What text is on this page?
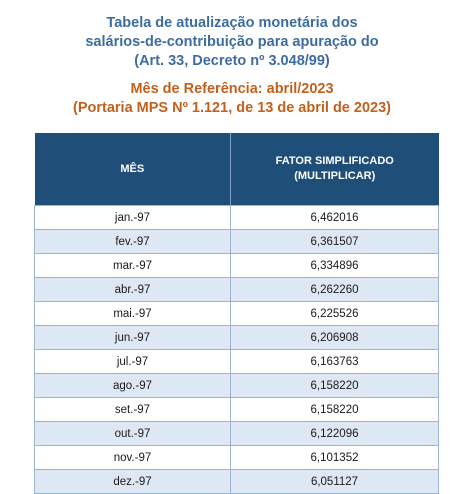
Tabela de atualização monetária dos
salários-de-contribuição para apuração do
(Art. 33, Decreto nº 3.048/99)
Mês de Referência: abril/2023
(Portaria MPS Nº 1.121, de 13 de abril de 2023)
MÊS	FATOR SIMPLIFICADO
(MULTIPLICAR)

jan.-97	6,462016
fev.-97	6,361507
mar.-97	6,334896
abr.-97	6,262260
mai.-97	6,225526
jun.-97	6,206908
jul.-97	6,163763
ago.-97	6,158220
set.-97	6,158220
out.-97	6,122096
nov.-97	6,101352
dez.-97	6,051127
